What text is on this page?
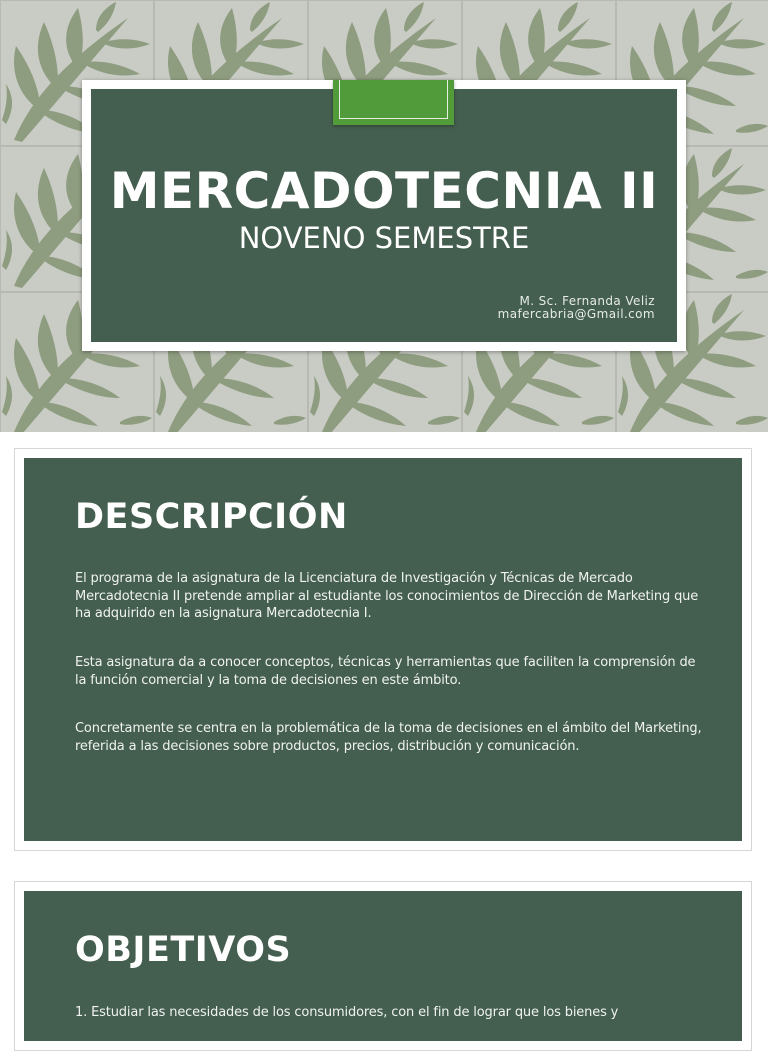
MERCADOTECNIA II
NOVENO SEMESTRE
M. Sc. Fernanda Veliz
mafercabria@Gmail.com
DESCRIPCIÓN

El programa de la asignatura de la Licenciatura de Investigación y Técnicas de Mercado Mercadotecnia II pretende ampliar al estudiante los conocimientos de Dirección de Marketing que ha adquirido en la asignatura Mercadotecnia I.

Esta asignatura da a conocer conceptos, técnicas y herramientas que faciliten la comprensión de la función comercial y la toma de decisiones en este ámbito.

Concretamente se centra en la problemática de la toma de decisiones en el ámbito del Marketing, referida a las decisiones sobre productos, precios, distribución y comunicación.

OBJETIVOS

1. Estudiar las necesidades de los consumidores, con el fin de lograr que los bienes y
